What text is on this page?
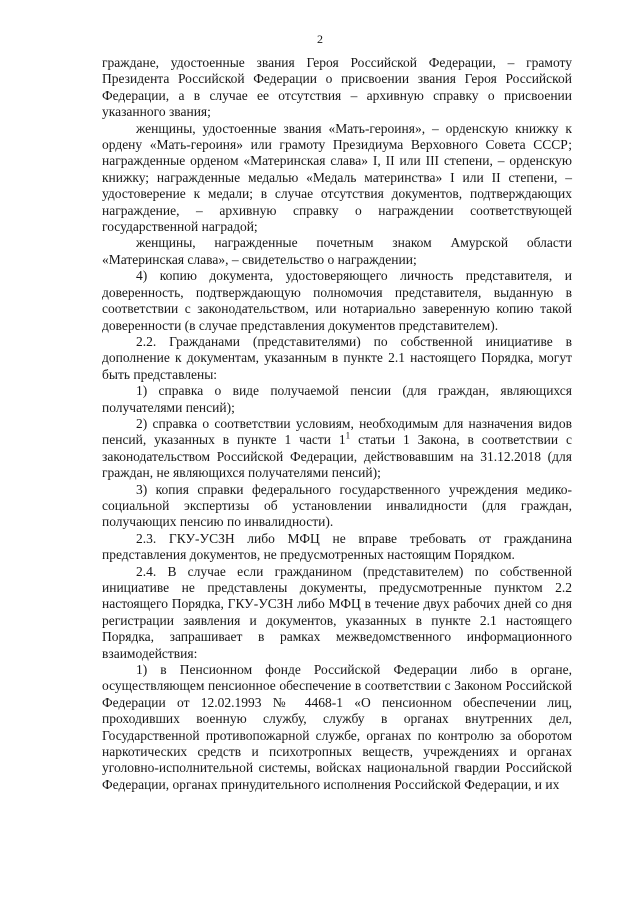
2

граждане, удостоенные звания Героя Российской Федерации, – грамоту Президента Российской Федерации о присвоении звания Героя Российской Федерации, а в случае ее отсутствия – архивную справку о присвоении указанного звания;

женщины, удостоенные звания «Мать-героиня», – орденскую книжку к ордену «Мать-героиня» или грамоту Президиума Верховного Совета СССР; награжденные орденом «Материнская слава» I, II или III степени, – орденскую книжку; награжденные медалью «Медаль материнства» I или II степени, – удостоверение к медали; в случае отсутствия документов, подтверждающих награждение, – архивную справку о награждении соответствующей государственной наградой;

женщины, награжденные почетным знаком Амурской области «Материнская слава», – свидетельство о награждении;

4) копию документа, удостоверяющего личность представителя, и доверенность, подтверждающую полномочия представителя, выданную в соответствии с законодательством, или нотариально заверенную копию такой доверенности (в случае представления документов представителем).

2.2. Гражданами (представителями) по собственной инициативе в дополнение к документам, указанным в пункте 2.1 настоящего Порядка, могут быть представлены:

1) справка о виде получаемой пенсии (для граждан, являющихся получателями пенсий);

2) справка о соответствии условиям, необходимым для назначения видов пенсий, указанных в пункте 1 части $1^1$ статьи 1 Закона, в соответствии с законодательством Российской Федерации, действовавшим на 31.12.2018 (для граждан, не являющихся получателями пенсий);

3) копия справки федерального государственного учреждения медико-социальной экспертизы об установлении инвалидности (для граждан, получающих пенсию по инвалидности).

2.3. ГКУ-УСЗН либо МФЦ не вправе требовать от гражданина представления документов, не предусмотренных настоящим Порядком.

2.4. В случае если гражданином (представителем) по собственной инициативе не представлены документы, предусмотренные пунктом 2.2 настоящего Порядка, ГКУ-УСЗН либо МФЦ в течение двух рабочих дней со дня регистрации заявления и документов, указанных в пункте 2.1 настоящего Порядка, запрашивает в рамках межведомственного информационного взаимодействия:

1) в Пенсионном фонде Российской Федерации либо в органе, осуществляющем пенсионное обеспечение в соответствии с Законом Российской Федерации от 12.02.1993 № 4468-1 «О пенсионном обеспечении лиц, проходивших военную службу, службу в органах внутренних дел, Государственной противопожарной службе, органах по контролю за оборотом наркотических средств и психотропных веществ, учреждениях и органах уголовно-исполнительной системы, войсках национальной гвардии Российской Федерации, органах принудительного исполнения Российской Федерации, и их
